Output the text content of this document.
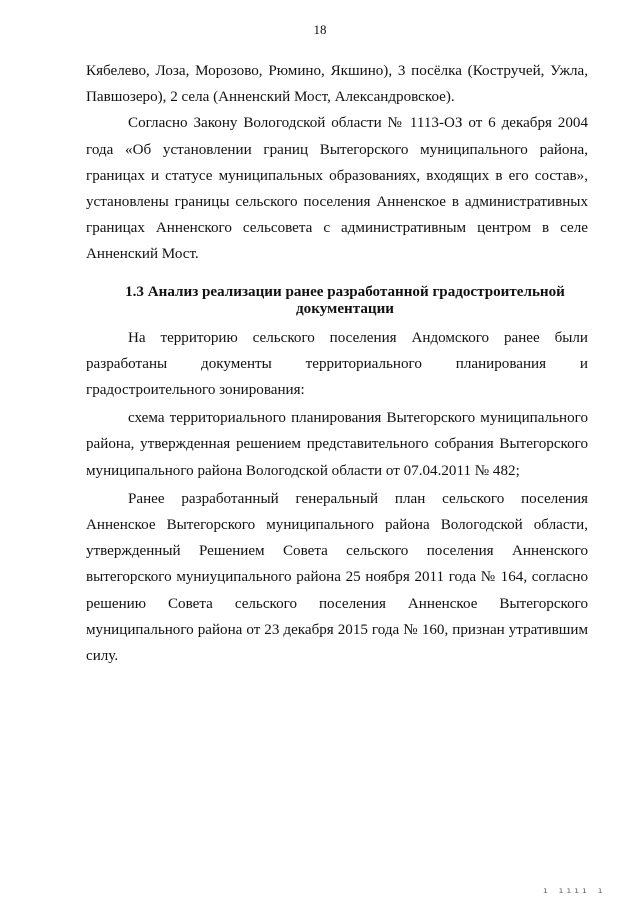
18

Кябелево, Лоза, Морозово, Рюмино, Якшино), 3 посёлка (Костручей, Ужла, Павшозеро), 2 села (Анненский Мост, Александровское).

Согласно Закону Вологодской области № 1113-ОЗ от 6 декабря 2004 года «Об установлении границ Вытегорского муниципального района, границах и статусе муниципальных образованиях, входящих в его состав», установлены границы сельского поселения Анненское в административных границах Анненского сельсовета с административным центром в селе Анненский Мост.

1.3 Анализ реализации ранее разработанной градостроительной документации

На территорию сельского поселения Андомского ранее были разработаны документы территориального планирования и градостроительного зонирования:

схема территориального планирования Вытегорского муниципального района, утвержденная решением представительного собрания Вытегорского муниципального района Вологодской области от 07.04.2011 № 482;

Ранее разработанный генеральный план сельского поселения Анненское Вытегорского муниципального района Вологодской области, утвержденный Решением Совета сельского поселения Анненского вытегорского муниуципального района 25 ноября 2011 года № 164, согласно решению Совета сельского поселения Анненское Вытегорского муниципального района от 23 декабря 2015 года № 160, признан утратившим силу.

ı ıııı ı
